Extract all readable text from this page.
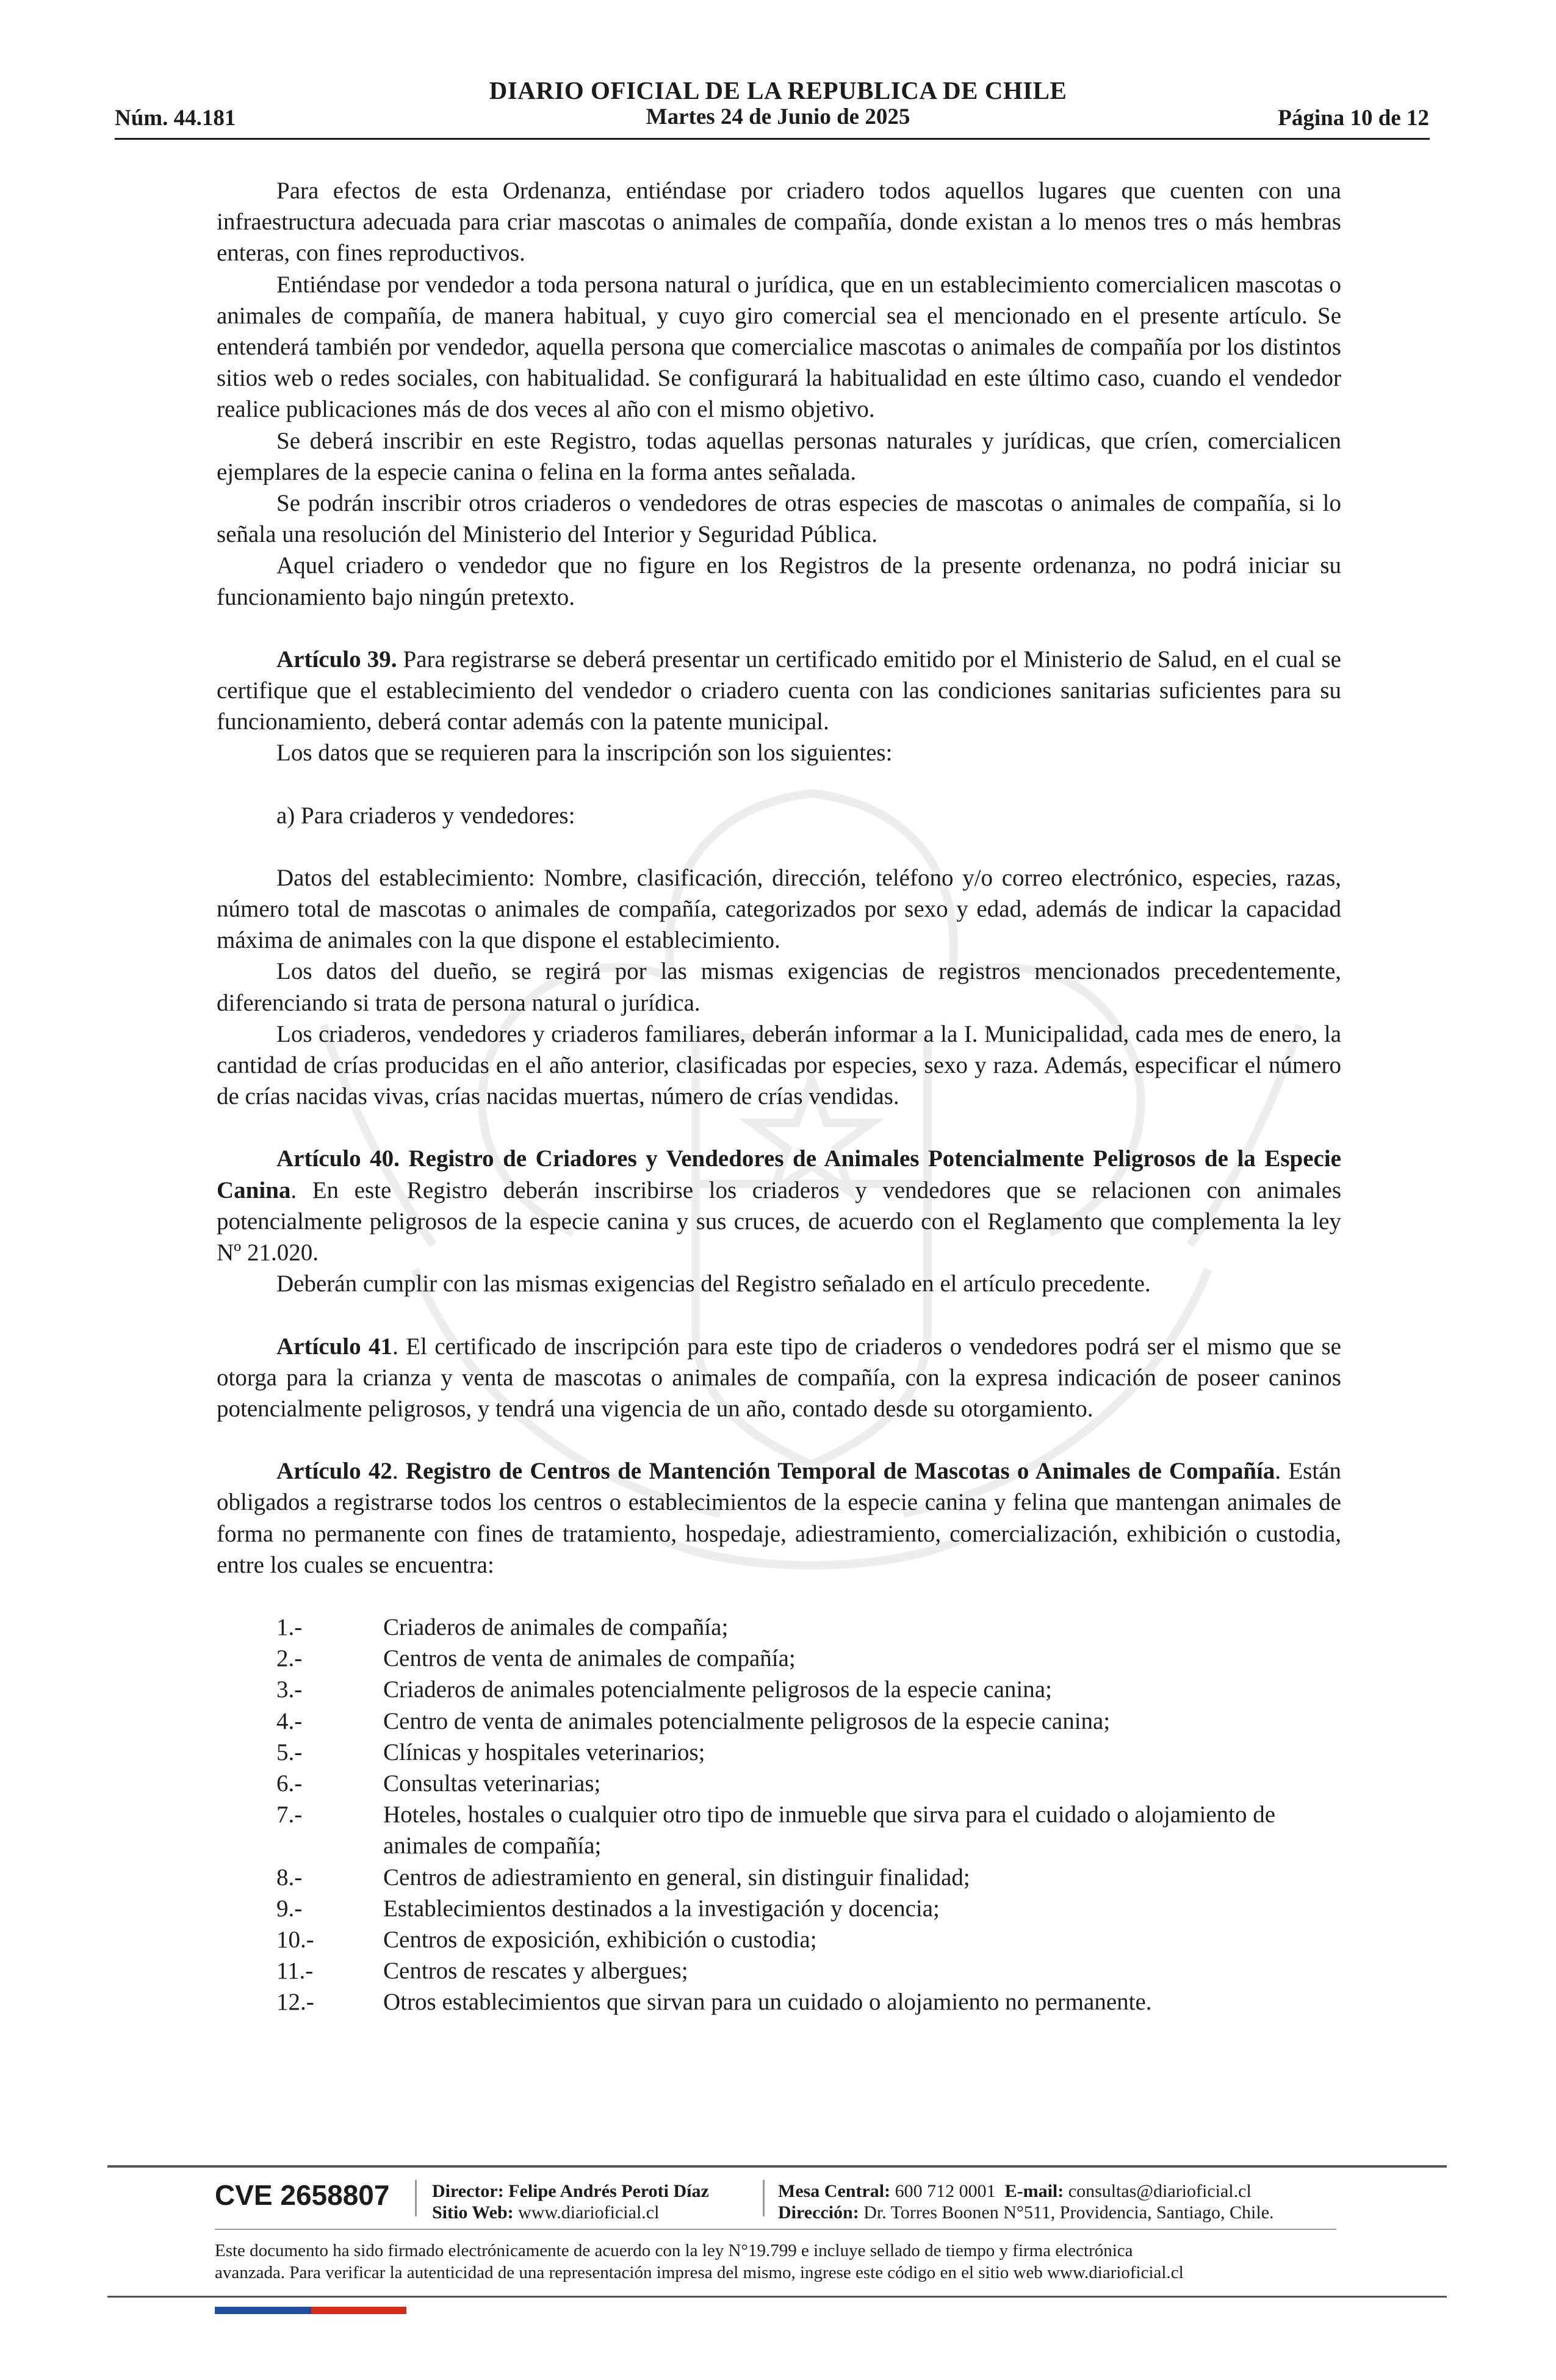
DIARIO OFICIAL DE LA REPUBLICA DE CHILE
Núm. 44.181	Martes 24 de Junio de 2025	Página 10 de 12

Para efectos de esta Ordenanza, entiéndase por criadero todos aquellos lugares que cuenten con una infraestructura adecuada para criar mascotas o animales de compañía, donde existan a lo menos tres o más hembras enteras, con fines reproductivos.

Entiéndase por vendedor a toda persona natural o jurídica, que en un establecimiento comercialicen mascotas o animales de compañía, de manera habitual, y cuyo giro comercial sea el mencionado en el presente artículo. Se entenderá también por vendedor, aquella persona que comercialice mascotas o animales de compañía por los distintos sitios web o redes sociales, con habitualidad. Se configurará la habitualidad en este último caso, cuando el vendedor realice publicaciones más de dos veces al año con el mismo objetivo.

Se deberá inscribir en este Registro, todas aquellas personas naturales y jurídicas, que críen, comercialicen ejemplares de la especie canina o felina en la forma antes señalada.

Se podrán inscribir otros criaderos o vendedores de otras especies de mascotas o animales de compañía, si lo señala una resolución del Ministerio del Interior y Seguridad Pública.

Aquel criadero o vendedor que no figure en los Registros de la presente ordenanza, no podrá iniciar su funcionamiento bajo ningún pretexto.

Artículo 39. Para registrarse se deberá presentar un certificado emitido por el Ministerio de Salud, en el cual se certifique que el establecimiento del vendedor o criadero cuenta con las condiciones sanitarias suficientes para su funcionamiento, deberá contar además con la patente municipal.

Los datos que se requieren para la inscripción son los siguientes:

a) Para criaderos y vendedores:

Datos del establecimiento: Nombre, clasificación, dirección, teléfono y/o correo electrónico, especies, razas, número total de mascotas o animales de compañía, categorizados por sexo y edad, además de indicar la capacidad máxima de animales con la que dispone el establecimiento.

Los datos del dueño, se regirá por las mismas exigencias de registros mencionados precedentemente, diferenciando si trata de persona natural o jurídica.

Los criaderos, vendedores y criaderos familiares, deberán informar a la I. Municipalidad, cada mes de enero, la cantidad de crías producidas en el año anterior, clasificadas por especies, sexo y raza. Además, especificar el número de crías nacidas vivas, crías nacidas muertas, número de crías vendidas.

Artículo 40. Registro de Criadores y Vendedores de Animales Potencialmente Peligrosos de la Especie Canina. En este Registro deberán inscribirse los criaderos y vendedores que se relacionen con animales potencialmente peligrosos de la especie canina y sus cruces, de acuerdo con el Reglamento que complementa la ley Nº 21.020.

Deberán cumplir con las mismas exigencias del Registro señalado en el artículo precedente.

Artículo 41. El certificado de inscripción para este tipo de criaderos o vendedores podrá ser el mismo que se otorga para la crianza y venta de mascotas o animales de compañía, con la expresa indicación de poseer caninos potencialmente peligrosos, y tendrá una vigencia de un año, contado desde su otorgamiento.

Artículo 42. Registro de Centros de Mantención Temporal de Mascotas o Animales de Compañía. Están obligados a registrarse todos los centros o establecimientos de la especie canina y felina que mantengan animales de forma no permanente con fines de tratamiento, hospedaje, adiestramiento, comercialización, exhibición o custodia, entre los cuales se encuentra:

1.-	Criaderos de animales de compañía;
2.-	Centros de venta de animales de compañía;
3.-	Criaderos de animales potencialmente peligrosos de la especie canina;
4.-	Centro de venta de animales potencialmente peligrosos de la especie canina;
5.-	Clínicas y hospitales veterinarios;
6.-	Consultas veterinarias;
7.-	Hoteles, hostales o cualquier otro tipo de inmueble que sirva para el cuidado o alojamiento de animales de compañía;
8.-	Centros de adiestramiento en general, sin distinguir finalidad;
9.-	Establecimientos destinados a la investigación y docencia;
10.-	Centros de exposición, exhibición o custodia;
11.-	Centros de rescates y albergues;
12.-	Otros establecimientos que sirvan para un cuidado o alojamiento no permanente.
CVE 2658807 Director: Felipe Andrés Peroti Díaz
Sitio Web: www.diarioficial.cl
Mesa Central: 600 712 0001 E-mail: consultas@diarioficial.cl
Dirección: Dr. Torres Boonen N°511, Providencia, Santiago, Chile.
Este documento ha sido firmado electrónicamente de acuerdo con la ley N°19.799 e incluye sellado de tiempo y firma electrónica
avanzada. Para verificar la autenticidad de una representación impresa del mismo, ingrese este código en el sitio web www.diarioficial.cl
